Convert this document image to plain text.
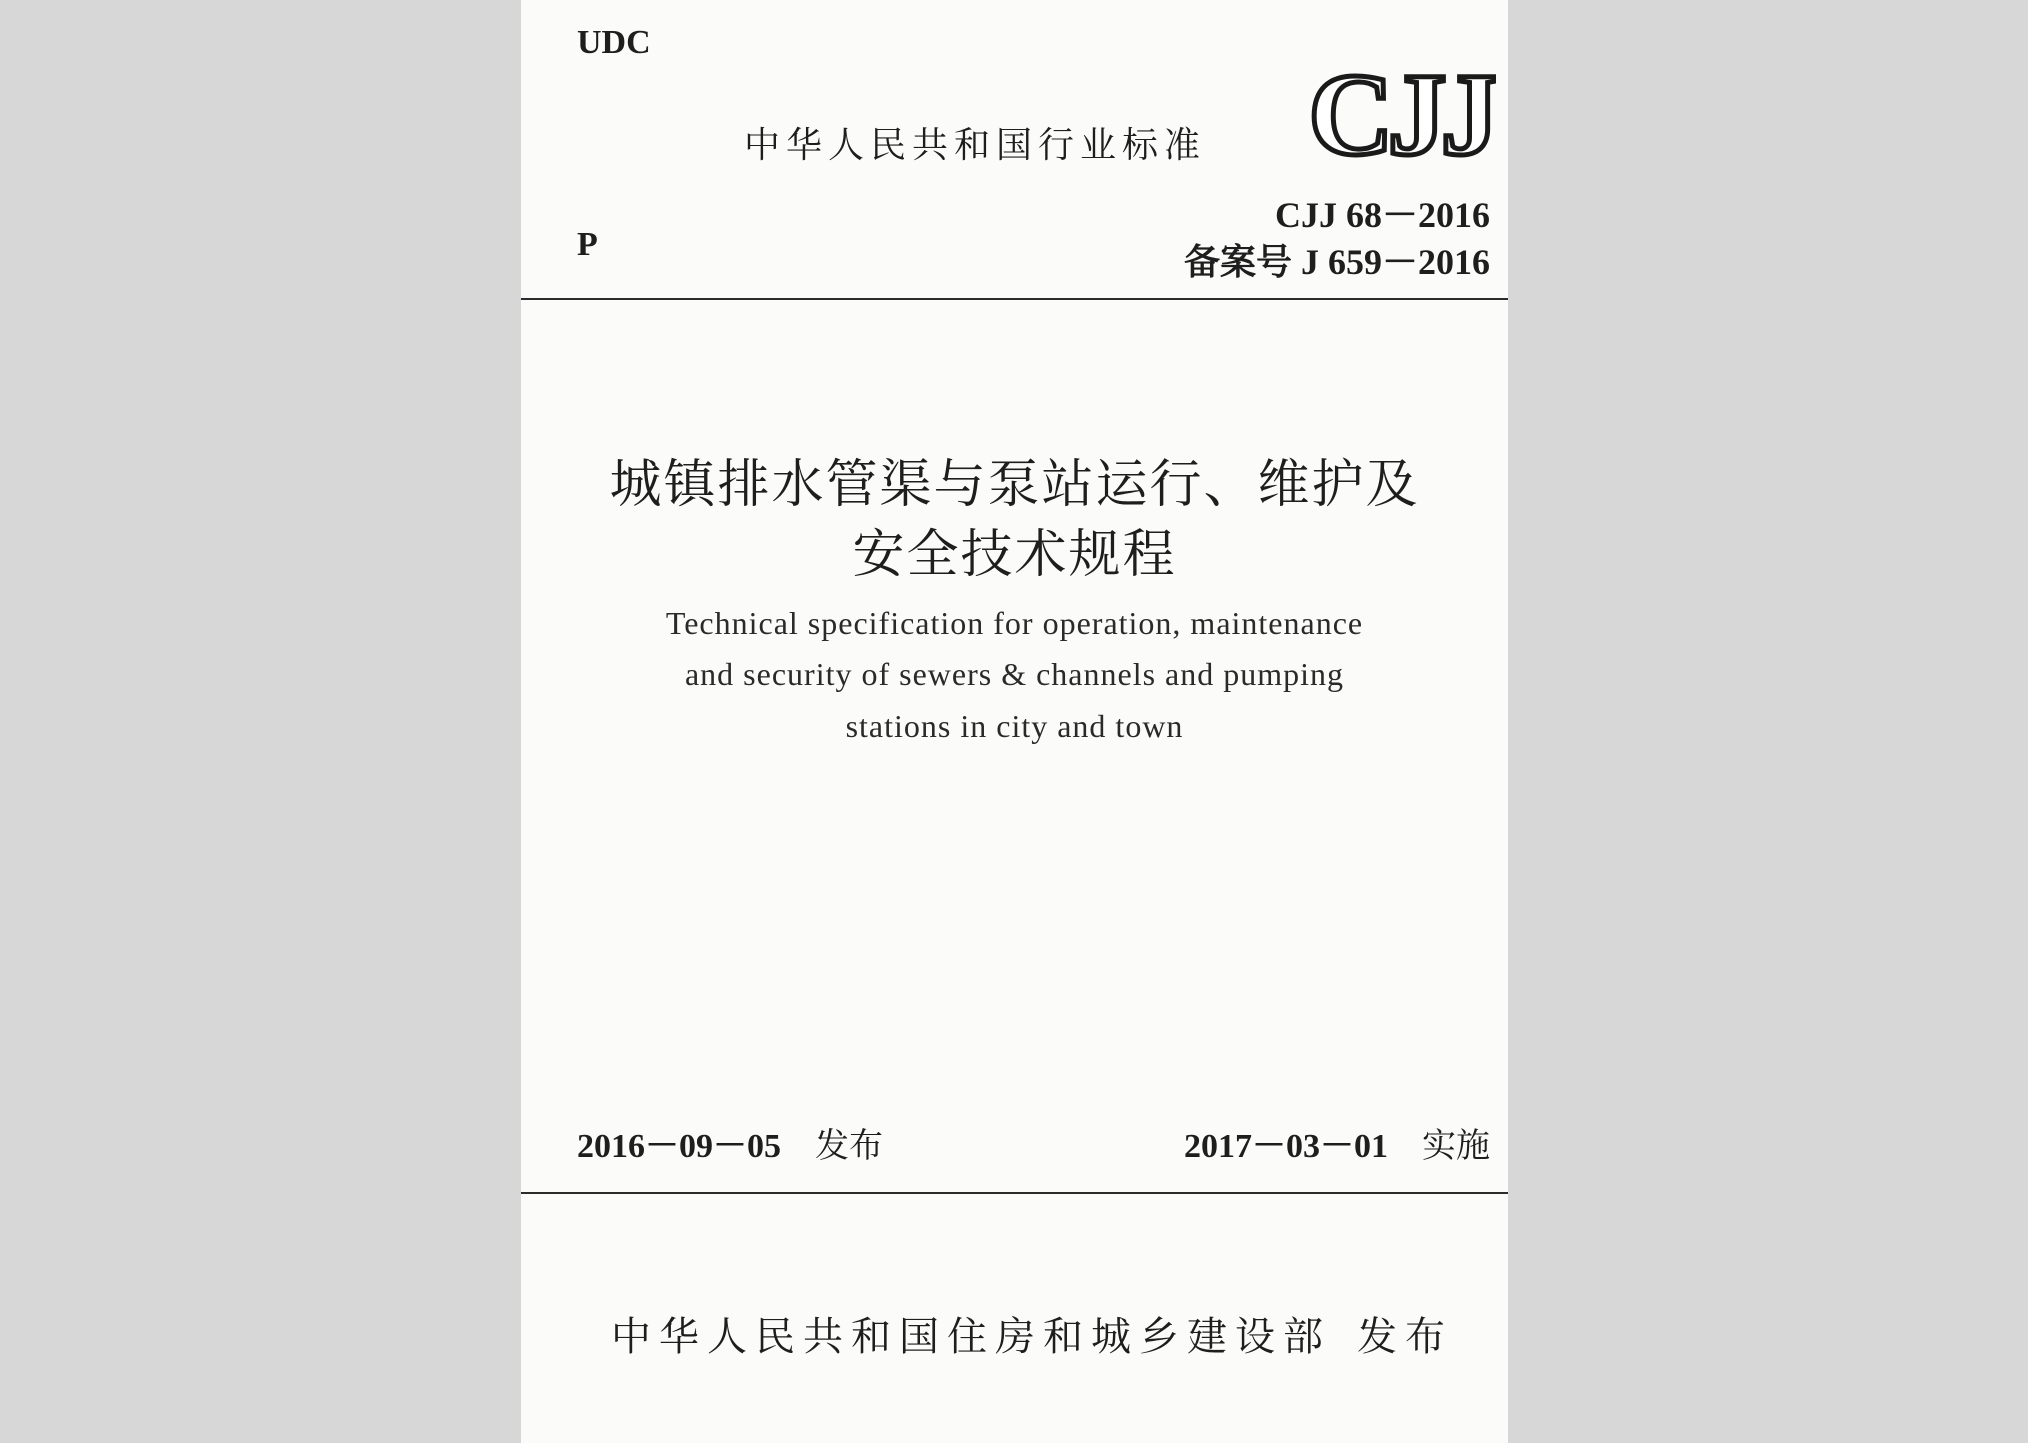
UDC
中华人民共和国行业标准 CJJ
P
CJJ 68－2016
备案号 J 659－2016
城镇排水管渠与泵站运行、维护及
安全技术规程
Technical specification for operation, maintenance
and security of sewers & channels and pumping
stations in city and town
2016－09－05 发布	2017－03－01 实施
中华人民共和国住房和城乡建设部 发布
